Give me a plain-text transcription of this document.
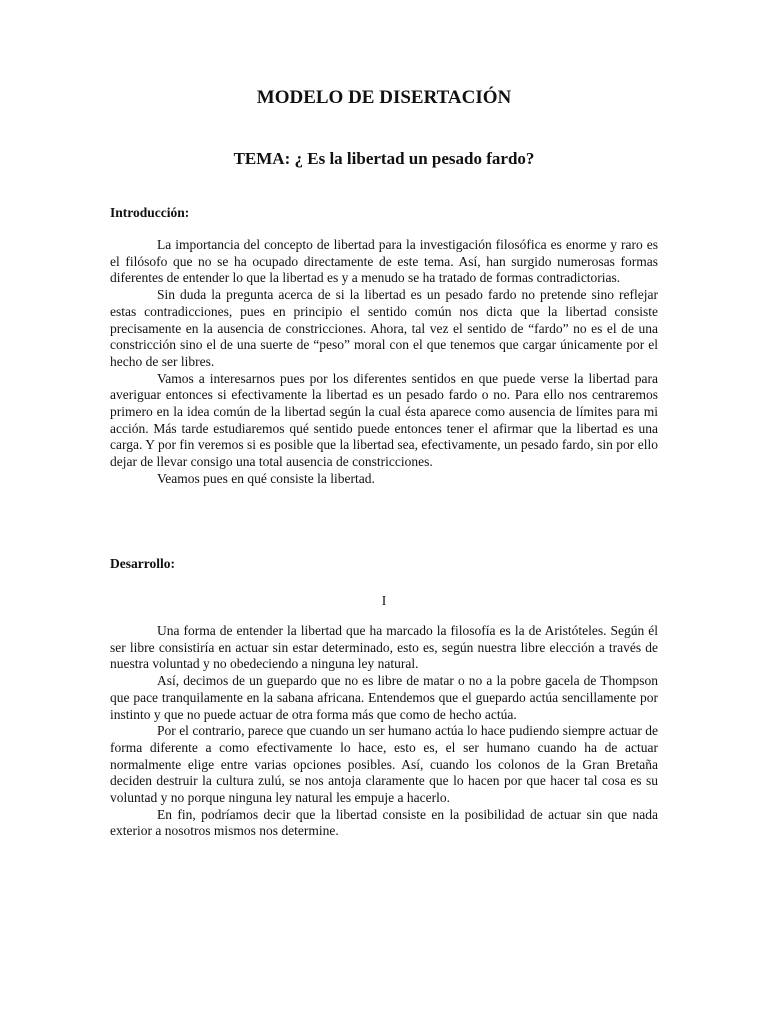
MODELO DE DISERTACIÓN
TEMA: ¿ Es la libertad un pesado fardo?
Introducción:

La importancia del concepto de libertad para la investigación filosófica es enorme y raro es el filósofo que no se ha ocupado directamente de este tema. Así, han surgido numerosas formas diferentes de entender lo que la libertad es y a menudo se ha tratado de formas contradictorias.

Sin duda la pregunta acerca de si la libertad es un pesado fardo no pretende sino reflejar estas contradicciones, pues en principio el sentido común nos dicta que la libertad consiste precisamente en la ausencia de constricciones. Ahora, tal vez el sentido de “fardo” no es el de una constricción sino el de una suerte de “peso” moral con el que tenemos que cargar únicamente por el hecho de ser libres.

Vamos a interesarnos pues por los diferentes sentidos en que puede verse la libertad para averiguar entonces si efectivamente la libertad es un pesado fardo o no. Para ello nos centraremos primero en la idea común de la libertad según la cual ésta aparece como ausencia de límites para mi acción. Más tarde estudiaremos qué sentido puede entonces tener el afirmar que la libertad es una carga. Y por fin veremos si es posible que la libertad sea, efectivamente, un pesado fardo, sin por ello dejar de llevar consigo una total ausencia de constricciones.

Veamos pues en qué consiste la libertad.

Desarrollo:
I

Una forma de entender la libertad que ha marcado la filosofía es la de Aristóteles. Según él ser libre consistiría en actuar sin estar determinado, esto es, según nuestra libre elección a través de nuestra voluntad y no obedeciendo a ninguna ley natural.

Así, decimos de un guepardo que no es libre de matar o no a la pobre gacela de Thompson que pace tranquilamente en la sabana africana. Entendemos que el guepardo actúa sencillamente por instinto y que no puede actuar de otra forma más que como de hecho actúa.

Por el contrario, parece que cuando un ser humano actúa lo hace pudiendo siempre actuar de forma diferente a como efectivamente lo hace, esto es, el ser humano cuando ha de actuar normalmente elige entre varias opciones posibles. Así, cuando los colonos de la Gran Bretaña deciden destruir la cultura zulú, se nos antoja claramente que lo hacen por que hacer tal cosa es su voluntad y no porque ninguna ley natural les empuje a hacerlo.

En fin, podríamos decir que la libertad consiste en la posibilidad de actuar sin que nada exterior a nosotros mismos nos determine.
